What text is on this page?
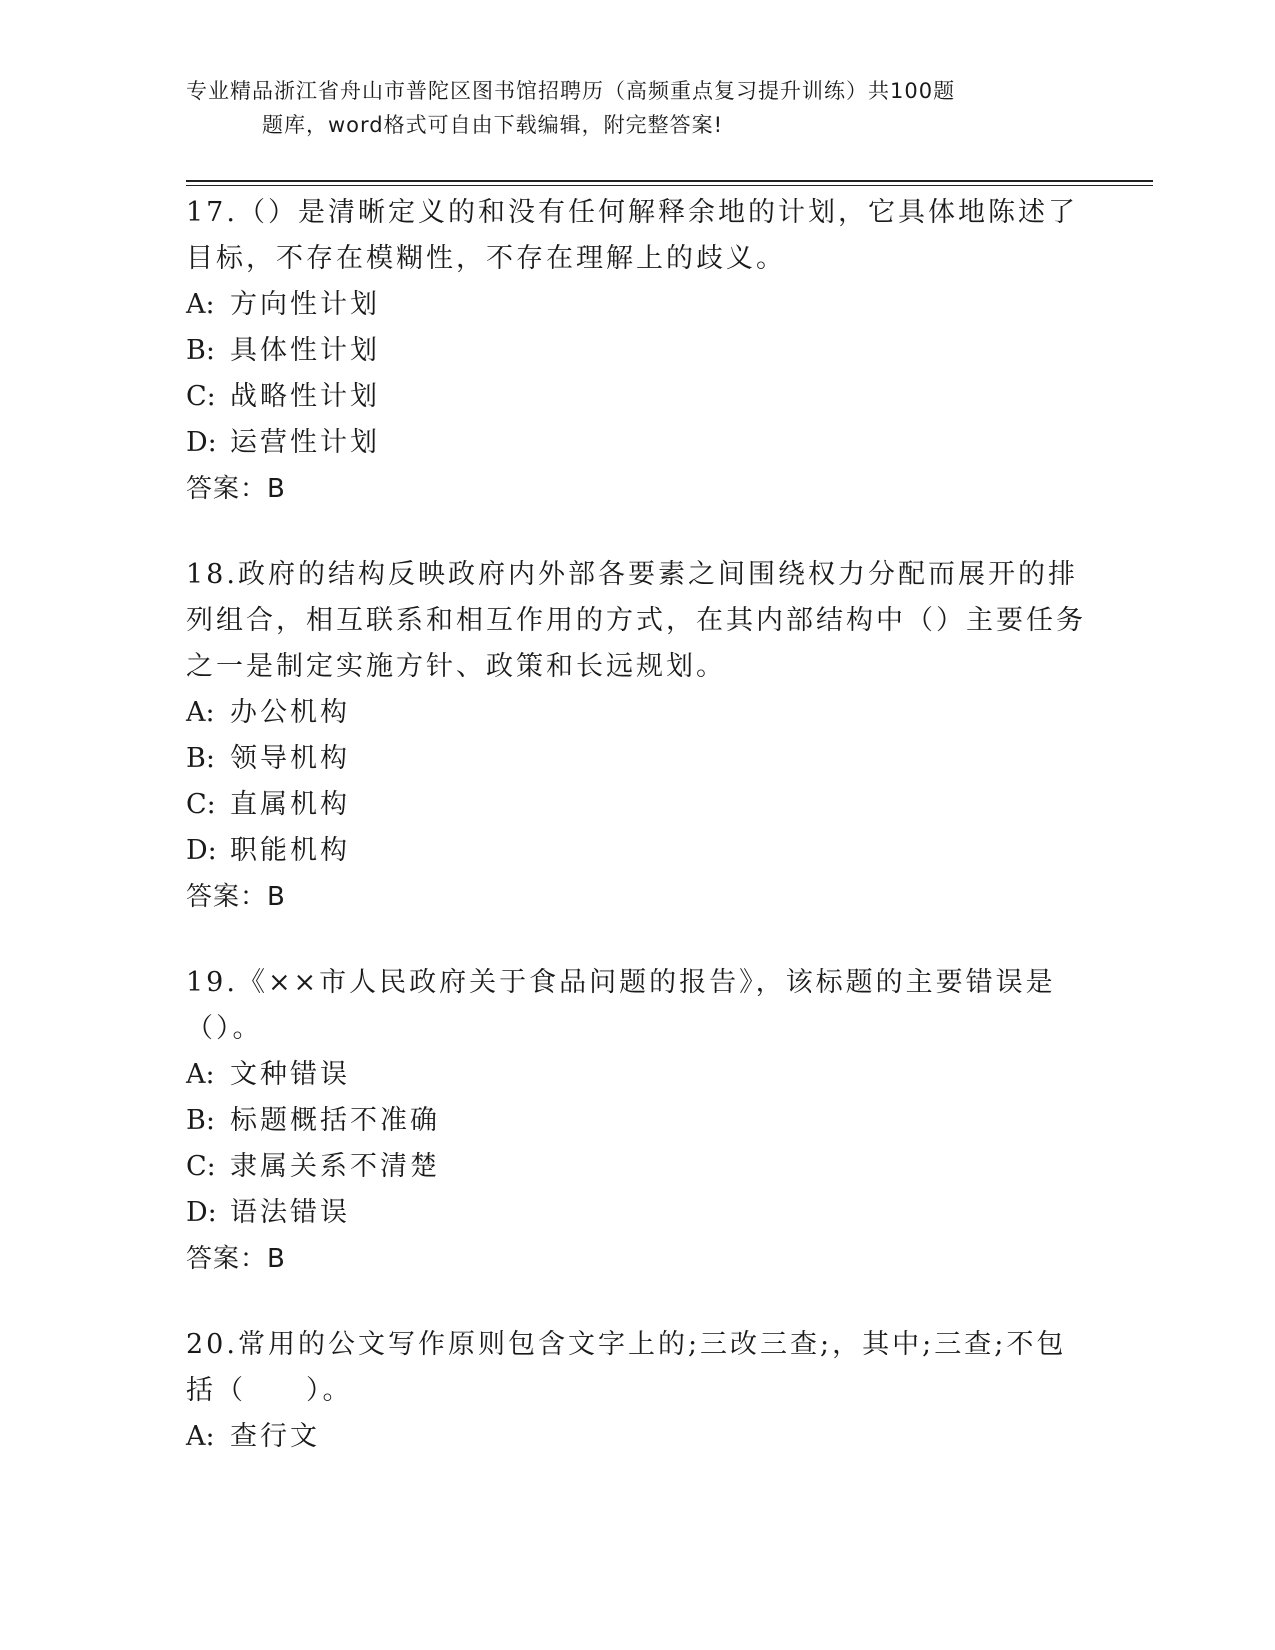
专业精品浙江省舟山市普陀区图书馆招聘历（高频重点复习提升训练）共100题
题库，word格式可自由下载编辑，附完整答案!

17.（）是清晰定义的和没有任何解释余地的计划，它具体地陈述了目标，不存在模糊性，不存在理解上的歧义。

A: 方向性计划

B: 具体性计划

C: 战略性计划

D: 运营性计划

答案：B

18.政府的结构反映政府内外部各要素之间围绕权力分配而展开的排列组合，相互联系和相互作用的方式，在其内部结构中（）主要任务之一是制定实施方针、政策和长远规划。

A: 办公机构

B: 领导机构

C: 直属机构

D: 职能机构

答案：B

19.《××市人民政府关于食品问题的报告》，该标题的主要错误是（）。

A: 文种错误

B: 标题概括不准确

C: 隶属关系不清楚

D: 语法错误

答案：B

20.常用的公文写作原则包含文字上的;三改三查;，其中;三查;不包括（　　）。

A: 查行文
